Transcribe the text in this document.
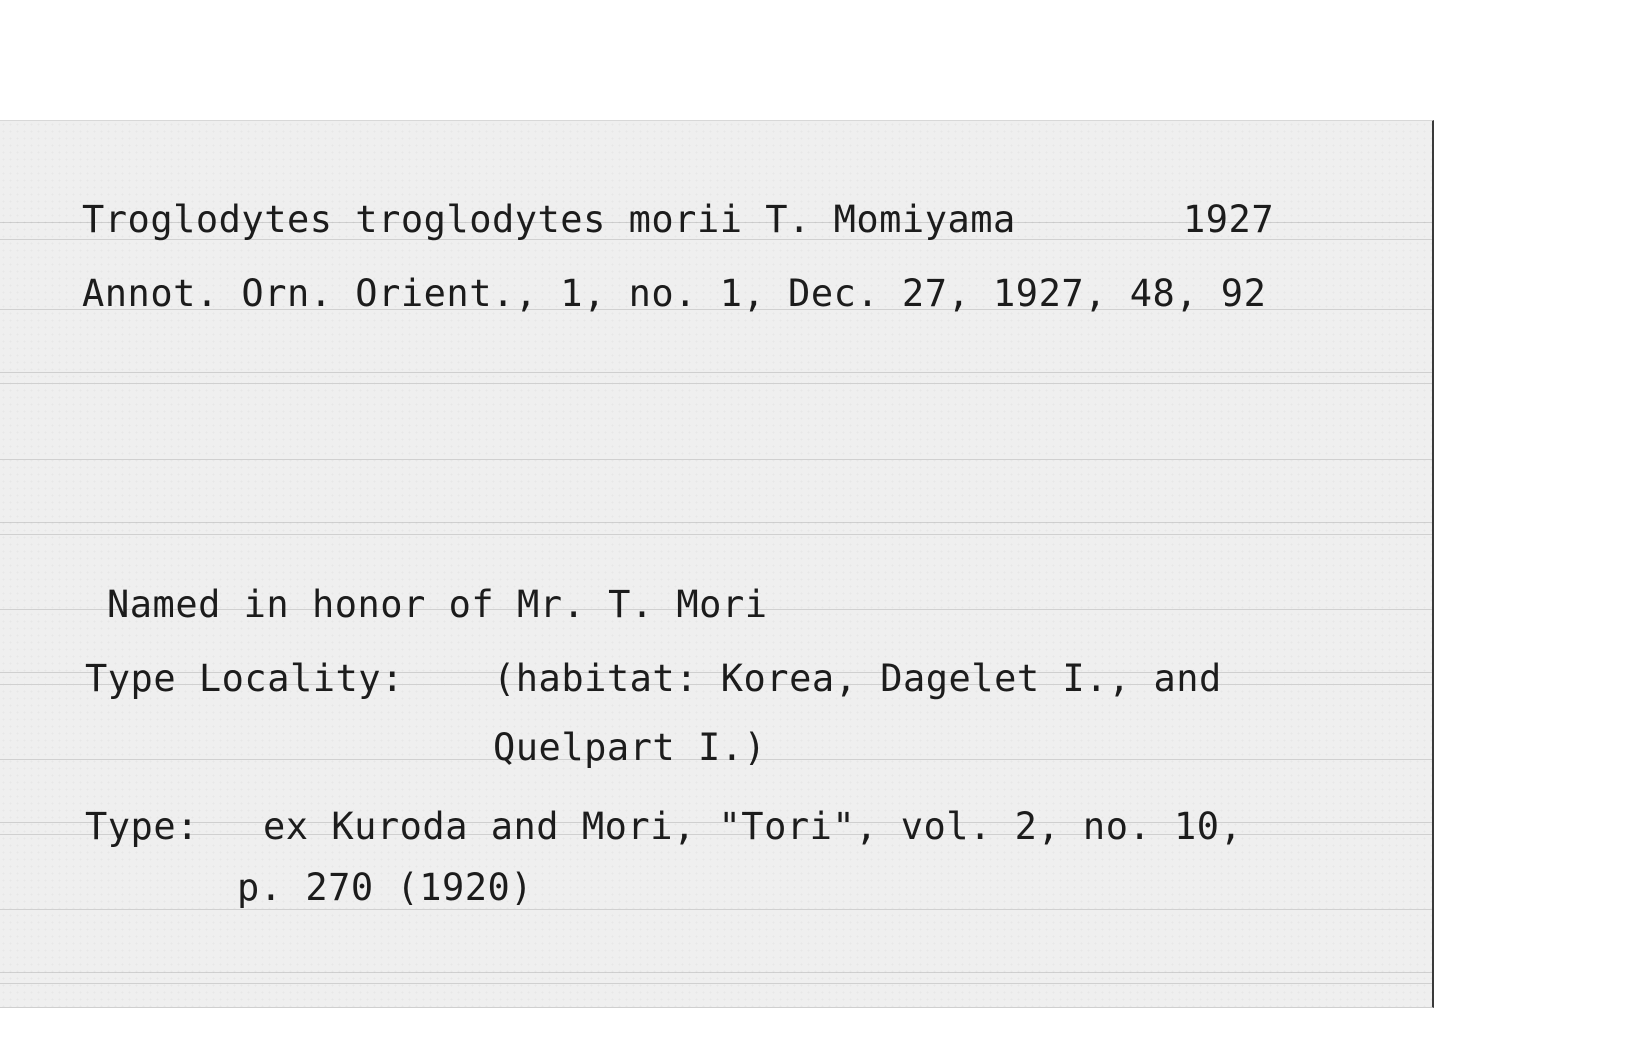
Troglodytes troglodytes morii T. Momiyama	1927
Annot. Orn. Orient., 1, no. 1, Dec. 27, 1927, 48, 92
Named in honor of Mr. T. Mori
Type Locality: (habitat: Korea, Dagelet I., and
Quelpart I.)
Type: ex Kuroda and Mori, "Tori", vol. 2, no. 10,
p. 270 (1920)
